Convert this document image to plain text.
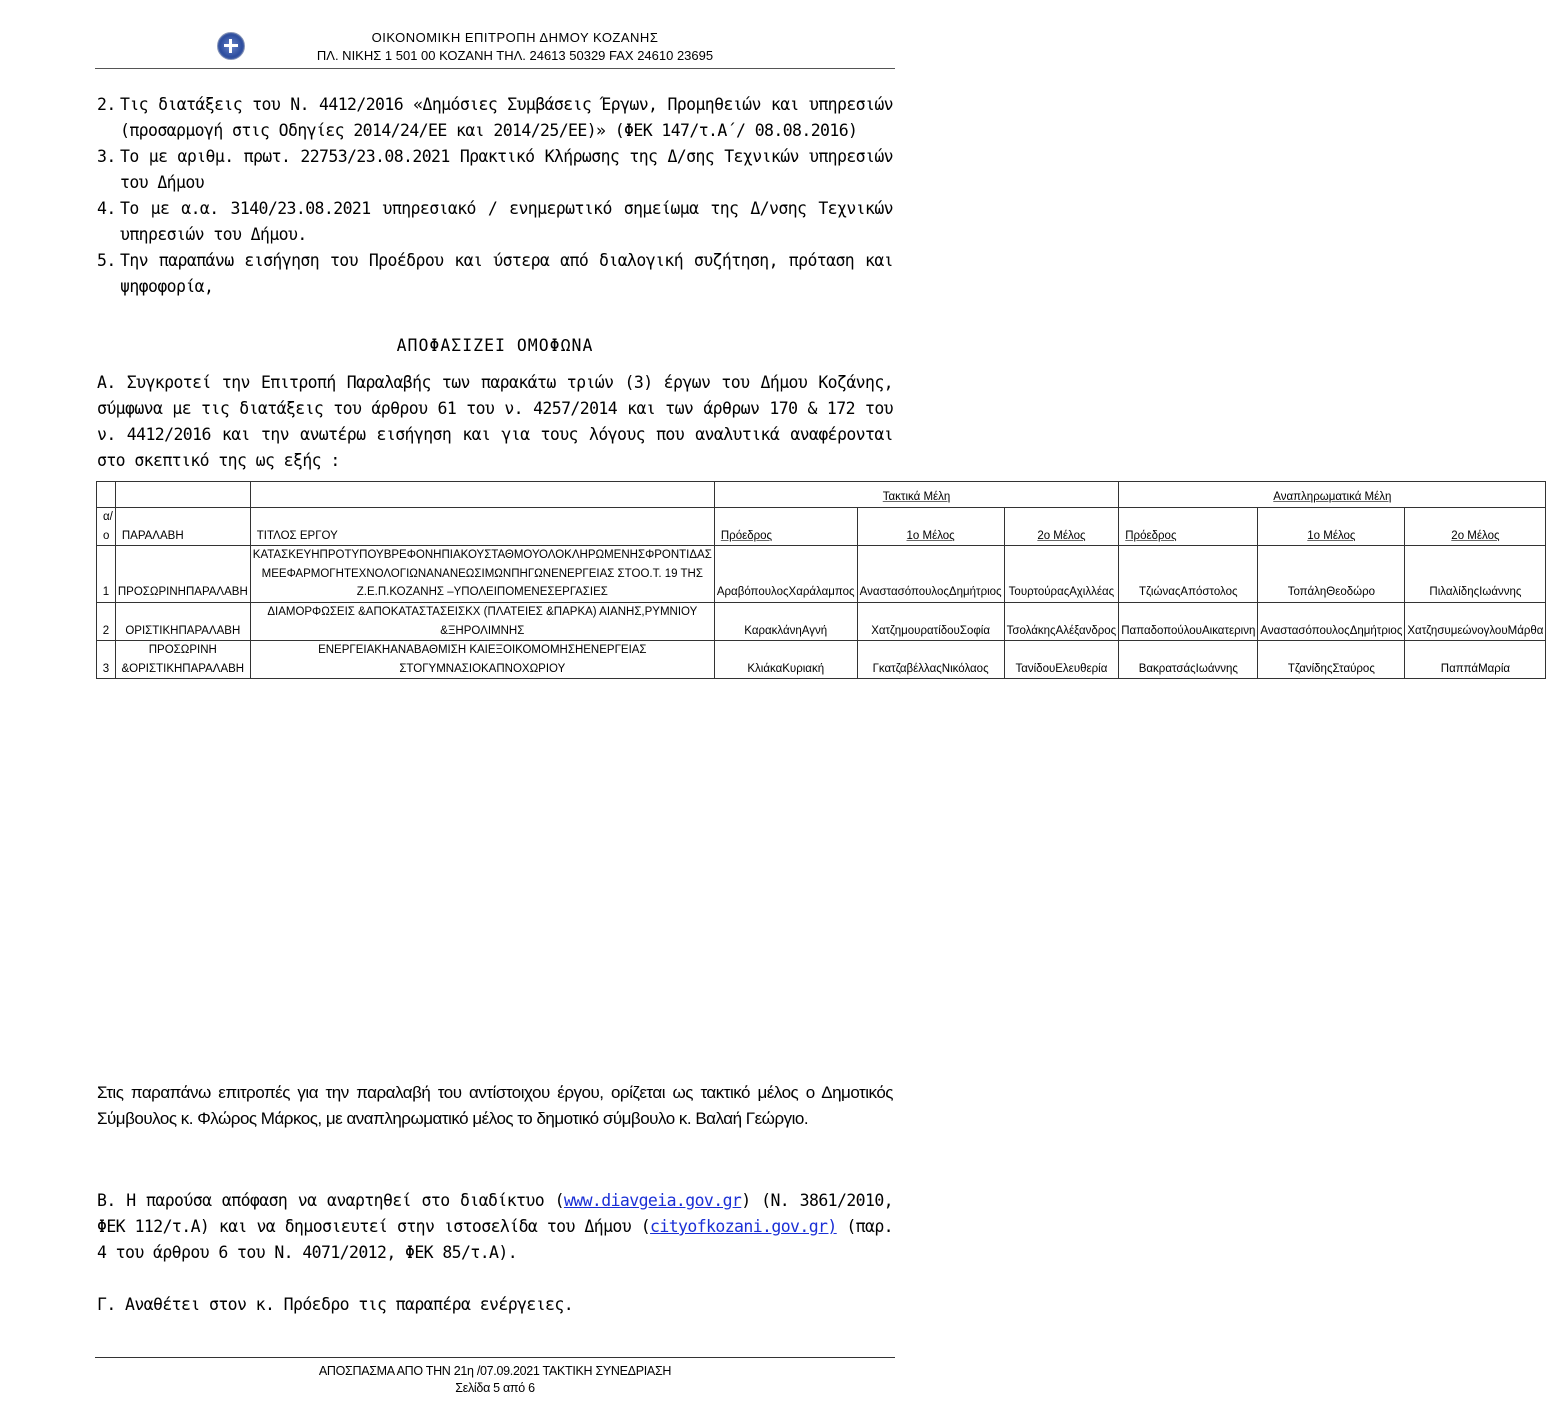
ΟΙΚΟΝΟΜΙΚΗ ΕΠΙΤΡΟΠΗ ΔΗΜΟΥ ΚΟΖΑΝΗΣ
ΠΛ. ΝΙΚΗΣ 1 501 00 ΚΟΖΑΝΗ ΤΗΛ. 24613 50329 FAX 24610 23695
2. Τις διατάξεις του Ν. 4412/2016 «Δημόσιες Συμβάσεις Έργων, Προμηθειών και υπηρεσιών (προσαρμογή στις Οδηγίες 2014/24/ΕΕ και 2014/25/ΕΕ)» (ΦΕΚ 147/τ.Α΄/ 08.08.2016)
3. Το με αριθμ. πρωτ. 22753/23.08.2021 Πρακτικό Κλήρωσης της Δ/σης Τεχνικών υπηρεσιών του Δήμου
4. Το με α.α. 3140/23.08.2021 υπηρεσιακό / ενημερωτικό σημείωμα της Δ/νσης Τεχνικών υπηρεσιών του Δήμου.
5. Την παραπάνω εισήγηση του Προέδρου και ύστερα από διαλογική συζήτηση, πρόταση και ψηφοφορία,
ΑΠΟΦΑΣΙΖΕΙ ΟΜΟΦΩΝΑ
Α. Συγκροτεί την Επιτροπή Παραλαβής των παρακάτω τριών (3) έργων του Δήμου Κοζάνης, σύμφωνα με τις διατάξεις του άρθρου 61 του ν. 4257/2014 και των άρθρων 170 & 172 του ν. 4412/2016 και την ανωτέρω εισήγηση και για τους λόγους που αναλυτικά αναφέρονται στο σκεπτικό της ως εξής :
			Τακτικά Μέλη			Αναπληρωματικά Μέλη		
α/ο	ΠΑΡΑΛΑΒΗ	ΤΙΤΛΟΣ ΕΡΓΟΥ	Πρόεδρος	1ο Μέλος	2ο Μέλος	Πρόεδρος	1ο Μέλος	2ο Μέλος
1	ΠΡΟΣΩΡΙΝΗΠΑΡΑΛΑΒΗ	ΚΑΤΑΣΚΕΥΗΠΡΟΤΥΠΟΥΒΡΕΦΟΝΗΠΙΑΚΟΥΣΤΑΘΜΟΥΟΛΟΚΛΗΡΩΜΕΝΗΣΦΡΟΝΤΙΔΑΣ ΜΕΕΦΑΡΜΟΓΗΤΕΧΝΟΛΟΓΙΩΝΑΝΑΝΕΩΣΙΜΩΝΠΗΓΩΝΕΝΕΡΓΕΙΑΣ ΣΤΟΟ.Τ. 19 ΤΗΣ Ζ.Ε.Π.ΚΟΖΑΝΗΣ –ΥΠΟΛΕΙΠΟΜΕΝΕΣΕΡΓΑΣΙΕΣ	ΑραβόπουλοςΧαράλαμπος	ΑναστασόπουλοςΔημήτριος	ΤουρτούραςΑχιλλέας	ΤζιώναςΑπόστολος	ΤοπάληΘεοδώρο	ΠιλαλίδηςΙωάννης
2	ΟΡΙΣΤΙΚΗΠΑΡΑΛΑΒΗ	ΔΙΑΜΟΡΦΩΣΕΙΣ &ΑΠΟΚΑΤΑΣΤΑΣΕΙΣΚΧ (ΠΛΑΤΕΙΕΣ &ΠΑΡΚΑ) ΑΙΑΝΗΣ,ΡΥΜΝΙΟΥ &ΞΗΡΟΛΙΜΝΗΣ	ΚαρακλάνηΑγνή	ΧατζημουρατίδουΣοφία	ΤσολάκηςΑλέξανδρος	ΠαπαδοπούλουΑικατερινη	ΑναστασόπουλοςΔημήτριος	ΧατζησυμεώνογλουΜάρθα
3	ΠΡΟΣΩΡΙΝΗ &ΟΡΙΣΤΙΚΗΠΑΡΑΛΑΒΗ	ΕΝΕΡΓΕΙΑΚΗΑΝΑΒΑΘΜΙΣΗ ΚΑΙΕΞΟΙΚΟΜΟΜΗΣΗΕΝΕΡΓΕΙΑΣ ΣΤΟΓΥΜΝΑΣΙΟΚΑΠΝΟΧΩΡΙΟΥ	ΚλιάκαΚυριακή	ΓκατζαβέλλαςΝικόλαος	ΤανίδουΕλευθερία	ΒακρατσάςΙωάννης	ΤζανίδηςΣταύρος	ΠαππάΜαρία
Στις παραπάνω επιτροπές για την παραλαβή του αντίστοιχου έργου, ορίζεται ως τακτικό μέλος ο Δημοτικός Σύμβουλος κ. Φλώρος Μάρκος, με αναπληρωματικό μέλος το δημοτικό σύμβουλο κ. Βαλαή Γεώργιο.
Β. Η παρούσα απόφαση να αναρτηθεί στο διαδίκτυο (www.diavgeia.gov.gr) (Ν. 3861/2010, ΦΕΚ 112/τ.Α) και να δημοσιευτεί στην ιστοσελίδα του Δήμου (cityofkozani.gov.gr) (παρ. 4 του άρθρου 6 του Ν. 4071/2012, ΦΕΚ 85/τ.Α).
Γ. Αναθέτει στον κ. Πρόεδρο τις παραπέρα ενέργειες.
ΑΠΟΣΠΑΣΜΑ ΑΠΟ ΤΗΝ 21η /07.09.2021 ΤΑΚΤΙΚΗ ΣΥΝΕΔΡΙΑΣΗ
Σελίδα 5 από 6
